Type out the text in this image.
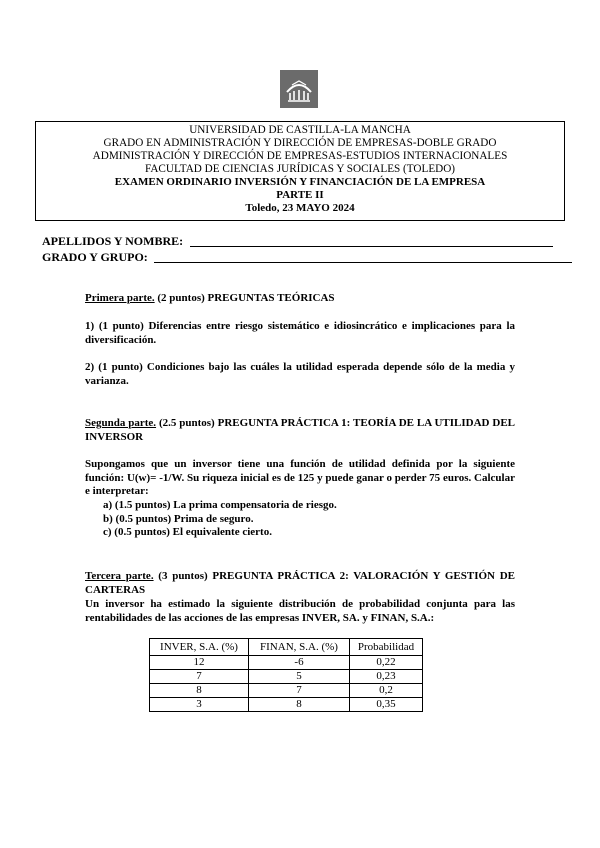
UNIVERSIDAD DE CASTILLA-LA MANCHA
GRADO EN ADMINISTRACIÓN Y DIRECCIÓN DE EMPRESAS-DOBLE GRADO
ADMINISTRACIÓN Y DIRECCIÓN DE EMPRESAS-ESTUDIOS INTERNACIONALES
FACULTAD DE CIENCIAS JURÍDICAS Y SOCIALES (TOLEDO)
EXAMEN ORDINARIO INVERSIÓN Y FINANCIACIÓN DE LA EMPRESA
PARTE II
Toledo, 23 MAYO 2024
APELLIDOS Y NOMBRE:
GRADO Y GRUPO:
Primera parte. (2 puntos) PREGUNTAS TEÓRICAS
1) (1 punto) Diferencias entre riesgo sistemático e idiosincrático e implicaciones para la diversificación.
2) (1 punto) Condiciones bajo las cuáles la utilidad esperada depende sólo de la media y varianza.
Segunda parte. (2.5 puntos) PREGUNTA PRÁCTICA 1: TEORÍA DE LA UTILIDAD DEL INVERSOR
Supongamos que un inversor tiene una función de utilidad definida por la siguiente función: U(w)= -1/W. Su riqueza inicial es de 125 y puede ganar o perder 75 euros. Calcular e interpretar:
a) (1.5 puntos) La prima compensatoria de riesgo.
b) (0.5 puntos) Prima de seguro.
c) (0.5 puntos) El equivalente cierto.
Tercera parte. (3 puntos) PREGUNTA PRÁCTICA 2: VALORACIÓN Y GESTIÓN DE CARTERAS
Un inversor ha estimado la siguiente distribución de probabilidad conjunta para las rentabilidades de las acciones de las empresas INVER, SA. y FINAN, S.A.:
INVER, S.A. (%)	FINAN, S.A. (%)	Probabilidad
12	-6	0,22
7	5	0,23
8	7	0,2
3	8	0,35
